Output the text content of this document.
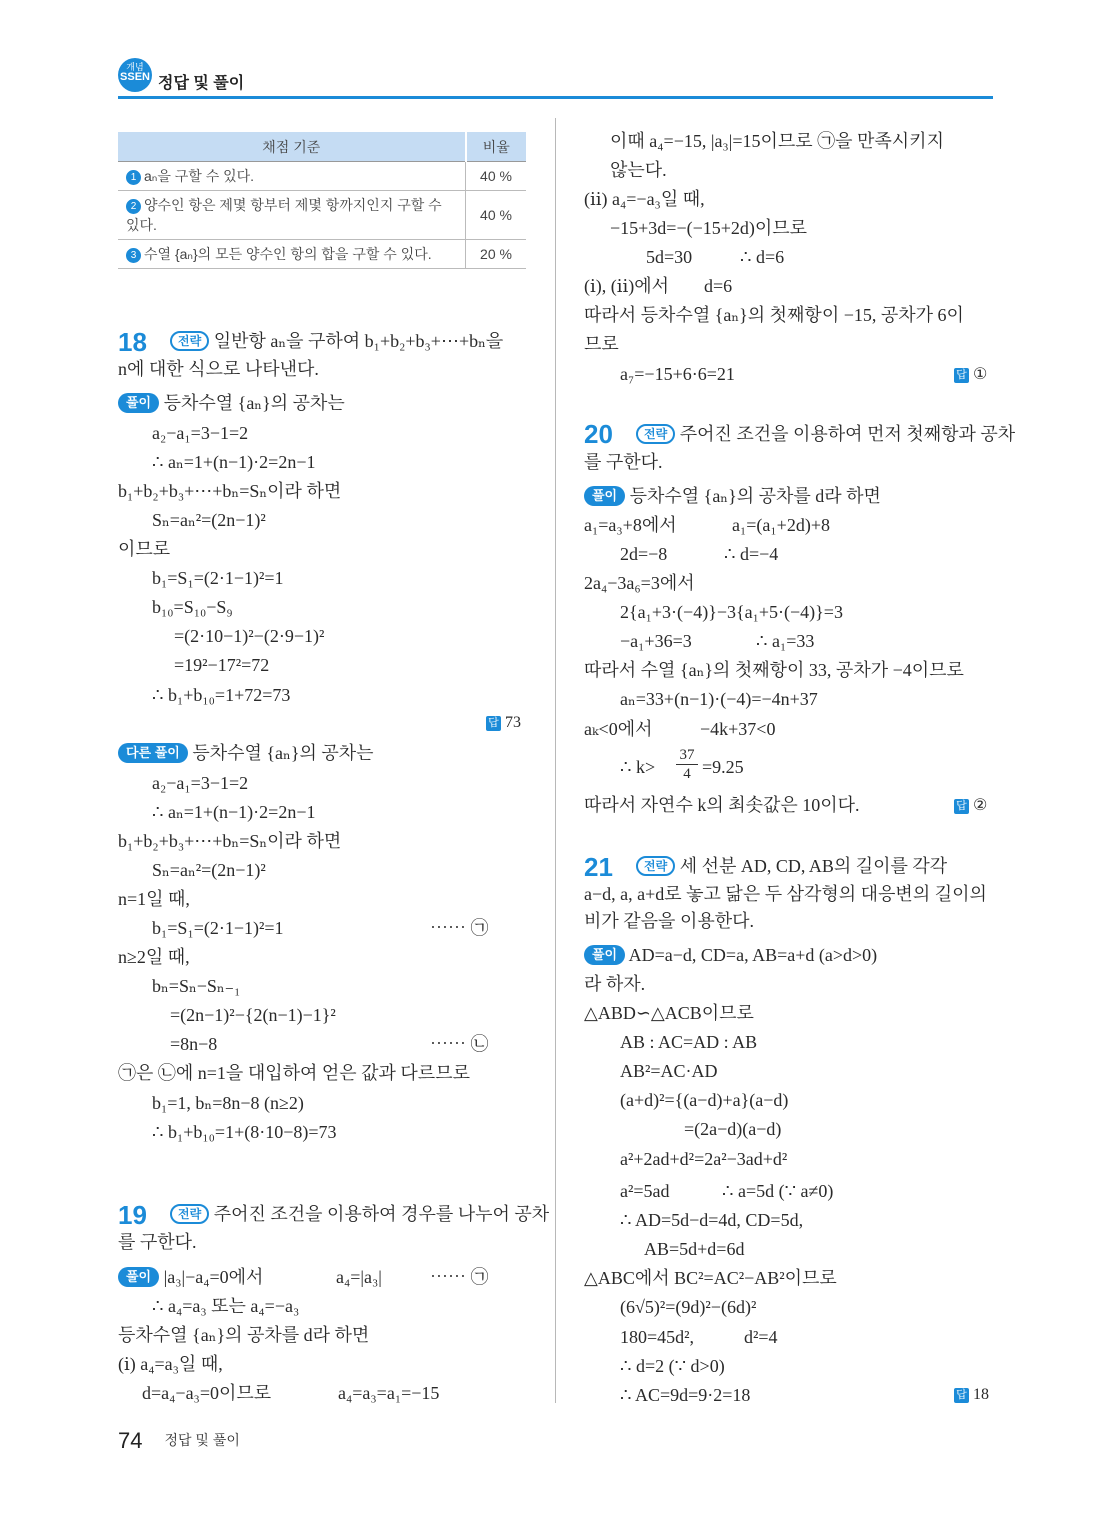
개념
SSEN 정답 및 풀이
채점 기준	비율
1 aₙ을 구할 수 있다.	40 %
2 양수인 항은 제몇 항부터 제몇 항까지인지 구할 수 있다.	40 %
3 수열 {aₙ}의 모든 양수인 항의 합을 구할 수 있다.	20 %
18	전략 일반항 aₙ을 구하여 b₁+b₂+b₃+⋯+bₙ을
n에 대한 식으로 나타낸다.
풀이 등차수열 {aₙ}의 공차는
a₂−a₁=3−1=2
∴ aₙ=1+(n−1)·2=2n−1
b₁+b₂+b₃+⋯+bₙ=Sₙ이라 하면
Sₙ=aₙ²=(2n−1)²
이므로
b₁=S₁=(2·1−1)²=1
b₁₀=S₁₀−S₉
=(2·10−1)²−(2·9−1)²
=19²−17²=72
∴ b₁+b₁₀=1+72=73
답 73
다른 풀이 등차수열 {aₙ}의 공차는
a₂−a₁=3−1=2
∴ aₙ=1+(n−1)·2=2n−1
b₁+b₂+b₃+⋯+bₙ=Sₙ이라 하면
Sₙ=aₙ²=(2n−1)²
n=1일 때,
b₁=S₁=(2·1−1)²=1	⋯⋯ ㉠
n≥2일 때,
bₙ=Sₙ−Sₙ₋₁
=(2n−1)²−{2(n−1)−1}²
=8n−8	⋯⋯ ㉡
㉠은 ㉡에 n=1을 대입하여 얻은 값과 다르므로
b₁=1, bₙ=8n−8 (n≥2)
∴ b₁+b₁₀=1+(8·10−8)=73
19	전략 주어진 조건을 이용하여 경우를 나누어 공차
를 구한다.
풀이 |a₃|−a₄=0에서	a₄=|a₃|	⋯⋯ ㉠
∴ a₄=a₃ 또는 a₄=−a₃
등차수열 {aₙ}의 공차를 d라 하면
(ⅰ) a₄=a₃일 때,
d=a₄−a₃=0이므로	a₄=a₃=a₁=−15
이때 a₄=−15, |a₃|=15이므로 ㉠을 만족시키지
않는다.
(ⅱ) a₄=−a₃일 때,
−15+3d=−(−15+2d)이므로
5d=30	∴ d=6
(ⅰ), (ⅱ)에서 d=6
따라서 등차수열 {aₙ}의 첫째항이 −15, 공차가 6이
므로
a₇=−15+6·6=21	답 ①
20	전략 주어진 조건을 이용하여 먼저 첫째항과 공차
를 구한다.
풀이 등차수열 {aₙ}의 공차를 d라 하면
a₁=a₃+8에서	a₁=(a₁+2d)+8
2d=−8	∴ d=−4
2a₄−3a₆=3에서
2{a₁+3·(−4)}−3{a₁+5·(−4)}=3
−a₁+36=3	∴ a₁=33
따라서 수열 {aₙ}의 첫째항이 33, 공차가 −4이므로
aₙ=33+(n−1)·(−4)=−4n+37
aₖ<0에서	−4k+37<0
∴ $k> \frac{37}{4} =9.25$
따라서 자연수 k의 최솟값은 10이다.	답 ②
21	전략 세 선분 AD, CD, AB의 길이를 각각
a−d, a, a+d로 놓고 닮은 두 삼각형의 대응변의 길이의
비가 같음을 이용한다.
풀이 AD=a−d, CD=a, AB=a+d (a>d>0)
라 하자.
△ABD∽△ACB이므로
AB : AC=AD : AB
AB²=AC·AD
(a+d)²={(a−d)+a}(a−d)
=(2a−d)(a−d)
a²+2ad+d²=2a²−3ad+d²
a²=5ad	∴ a=5d (∵ a≠0)
∴ AD=5d−d=4d, CD=5d,
AB=5d+d=6d
△ABC에서 BC²=AC²−AB²이므로
(6√5)²=(9d)²−(6d)²
180=45d²,	d²=4
∴ d=2 (∵ d>0)
∴ AC=9d=9·2=18	답 18
74 정답 및 풀이
